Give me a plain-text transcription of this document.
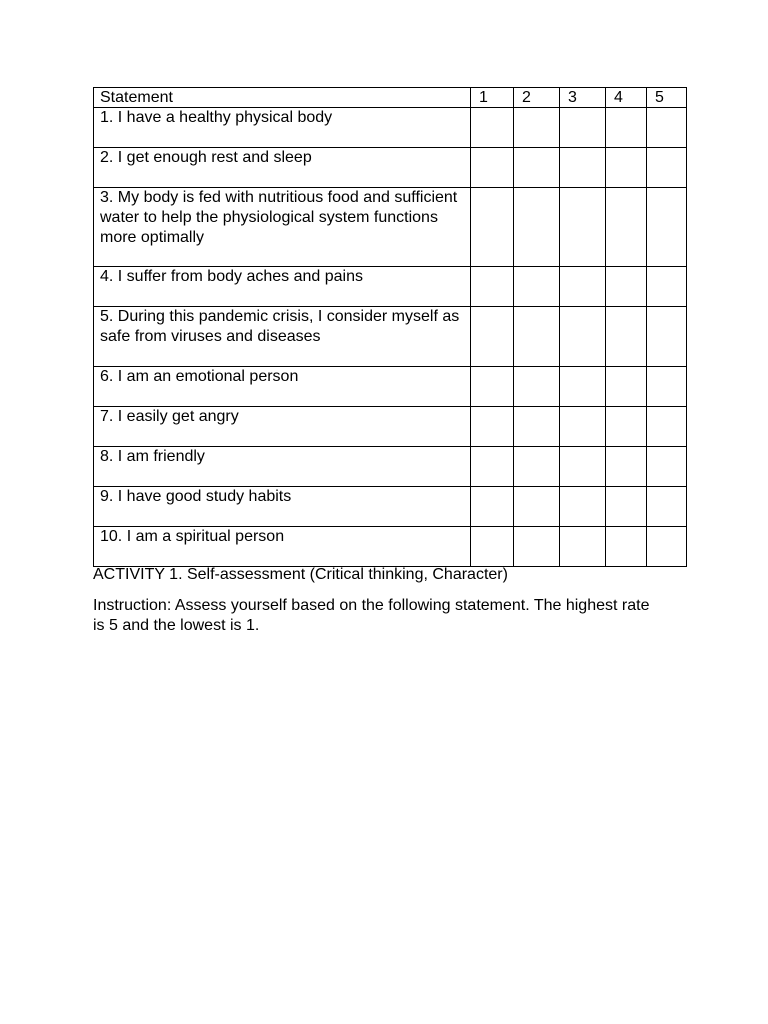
Statement	1	2	3	4	5

1. I have a healthy physical body					

2. I get enough rest and sleep					

3. My body is fed with nutritious food and sufficient water to help the physiological system functions more optimally					

4. I suffer from body aches and pains					

5. During this pandemic crisis, I consider myself as safe from viruses and diseases					

6. I am an emotional person					

7. I easily get angry					

8. I am friendly					

9. I have good study habits					

10. I am a spiritual person					

ACTIVITY 1. Self-assessment (Critical thinking, Character)
Instruction: Assess yourself based on the following statement. The highest rate is 5 and the lowest is 1.
